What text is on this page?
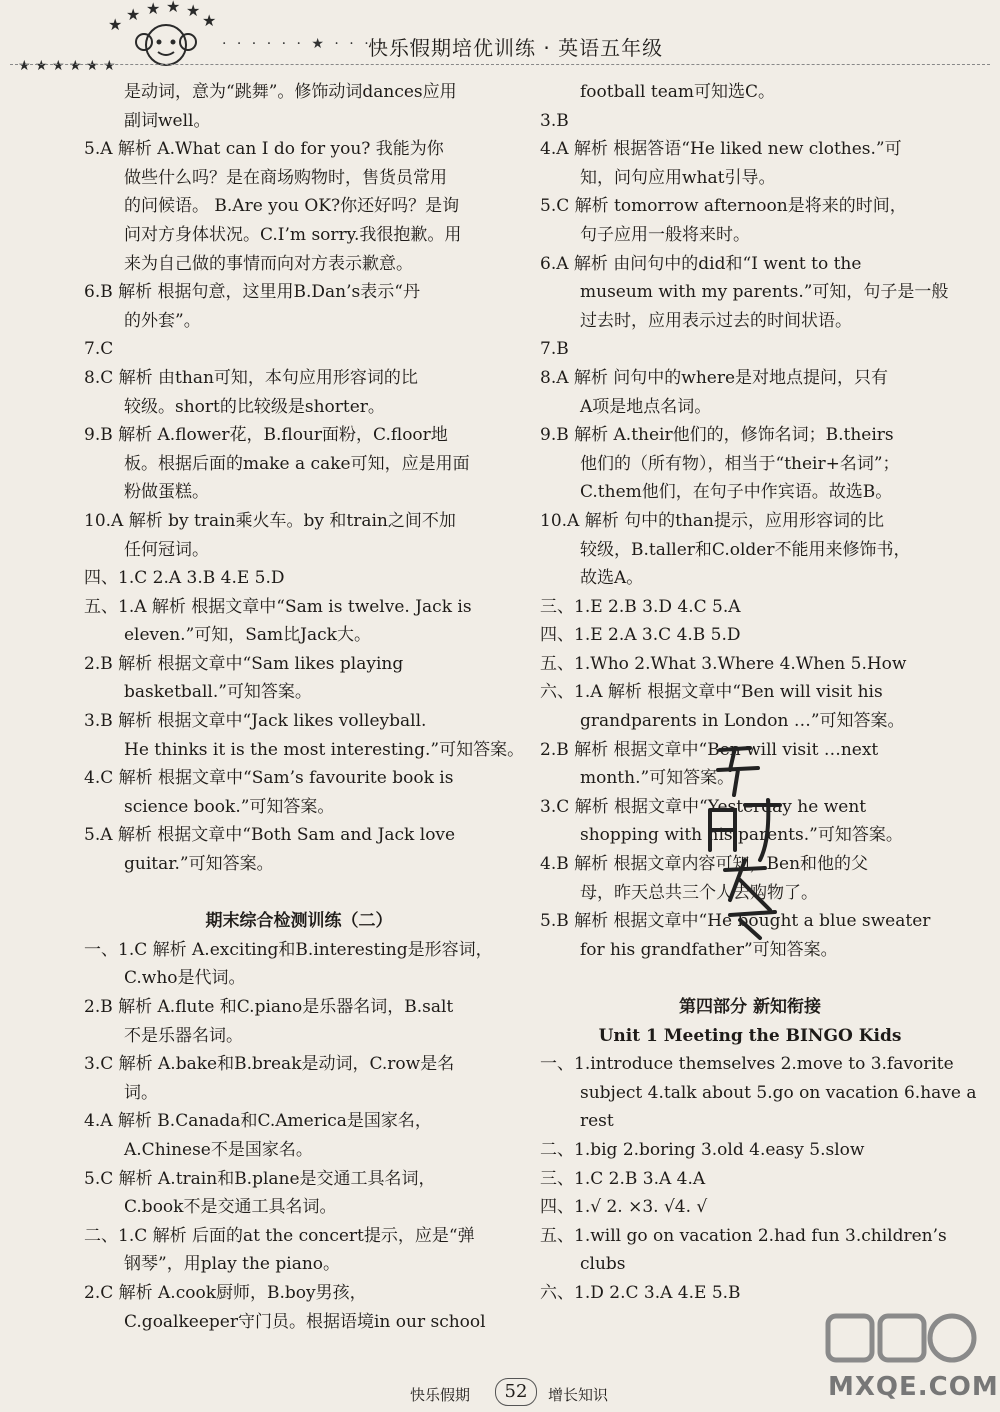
★ ★ ★ ★ ★ ★
★
★ ★ ★ ★
★
· · · · · · ★ · · · · · ·
快乐假期培优训练 · 英语五年级
是动词，意为“跳舞”。修饰动词dances应用
副词well。
5.A 解析 A.What can I do for you? 我能为你
做些什么吗？是在商场购物时，售货员常用
的问候语。 B.Are you OK?你还好吗？是询
问对方身体状况。C.I’m sorry.我很抱歉。用
来为自己做的事情而向对方表示歉意。
6.B 解析 根据句意，这里用B.Dan’s表示“丹
的外套”。
7.C
8.C 解析 由than可知，本句应用形容词的比
较级。short的比较级是shorter。
9.B 解析 A.flower花，B.flour面粉，C.floor地
板。根据后面的make a cake可知，应是用面
粉做蛋糕。
10.A 解析 by train乘火车。by 和train之间不加
任何冠词。
四、1.C 2.A 3.B 4.E 5.D
五、1.A 解析 根据文章中“Sam is twelve. Jack is
eleven.”可知，Sam比Jack大。
2.B 解析 根据文章中“Sam likes playing
basketball.”可知答案。
3.B 解析 根据文章中“Jack likes volleyball.
He thinks it is the most interesting.”可知答案。
4.C 解析 根据文章中“Sam’s favourite book is
science book.”可知答案。
5.A 解析 根据文章中“Both Sam and Jack love
guitar.”可知答案。
期末综合检测训练（二）
一、1.C 解析 A.exciting和B.interesting是形容词，
C.who是代词。
2.B 解析 A.flute 和C.piano是乐器名词，B.salt
不是乐器名词。
3.C 解析 A.bake和B.break是动词，C.row是名
词。
4.A 解析 B.Canada和C.America是国家名，
A.Chinese不是国家名。
5.C 解析 A.train和B.plane是交通工具名词，
C.book不是交通工具名词。
二、1.C 解析 后面的at the concert提示，应是“弹
钢琴”，用play the piano。
2.C 解析 A.cook厨师，B.boy男孩，
C.goalkeeper守门员。根据语境in our school
football team可知选C。
3.B
4.A 解析 根据答语“He liked new clothes.”可
知，问句应用what引导。
5.C 解析 tomorrow afternoon是将来的时间，
句子应用一般将来时。
6.A 解析 由问句中的did和“I went to the
museum with my parents.”可知，句子是一般
过去时，应用表示过去的时间状语。
7.B
8.A 解析 问句中的where是对地点提问，只有
A项是地点名词。
9.B 解析 A.their他们的，修饰名词；B.theirs
他们的（所有物），相当于“their+名词”；
C.them他们，在句子中作宾语。故选B。
10.A 解析 句中的than提示，应用形容词的比
较级，B.taller和C.older不能用来修饰书，
故选A。
三、1.E 2.B 3.D 4.C 5.A
四、1.E 2.A 3.C 4.B 5.D
五、1.Who 2.What 3.Where 4.When 5.How
六、1.A 解析 根据文章中“Ben will visit his
grandparents in London …”可知答案。
2.B 解析 根据文章中“Ben will visit …next
month.”可知答案。
3.C 解析 根据文章中“Yesterday he went
shopping with his parents.”可知答案。
4.B 解析 根据文章内容可知，Ben和他的父
母，昨天总共三个人去购物了。
5.B 解析 根据文章中“He bought a blue sweater
for his grandfather”可知答案。
第四部分 新知衔接
Unit 1 Meeting the BINGO Kids
一、1.introduce themselves 2.move to 3.favorite
subject 4.talk about 5.go on vacation 6.have a
rest
二、1.big 2.boring 3.old 4.easy 5.slow
三、1.C 2.B 3.A 4.A
四、1.√ 2. ×3. √4. √
五、1.will go on vacation 2.had fun 3.children’s
clubs
六、1.D 2.C 3.A 4.E 5.B
快乐假期	52	增长知识	MXQE.COM
